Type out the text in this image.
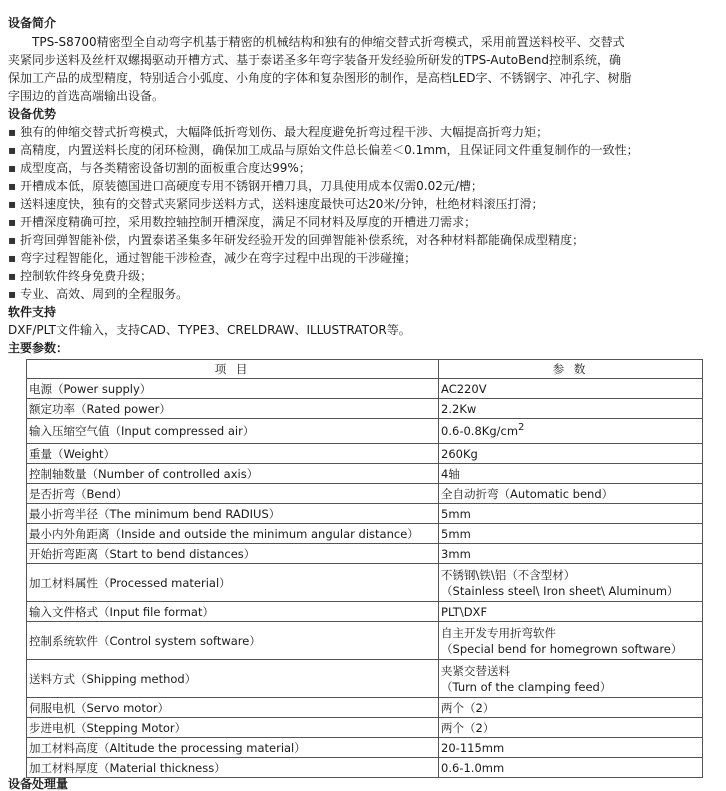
设备简介
TPS-S8700精密型全自动弯字机基于精密的机械结构和独有的伸缩交替式折弯模式，采用前置送料校平、交替式
夹紧同步送料及丝杆双螺揭驱动开槽方式、基于泰诺圣多年弯字装备开发经验所研发的TPS-AutoBend控制系统，确
保加工产品的成型精度，特别适合小弧度、小角度的字体和复杂图形的制作，是高档LED字、不锈钢字、冲孔字、树脂
字围边的首选高端输出设备。
设备优势
▪ 独有的伸缩交替式折弯模式，大幅降低折弯划伤、最大程度避免折弯过程干涉、大幅提高折弯力矩；
▪ 高精度，内置送料长度的闭环检测，确保加工成品与原始文件总长偏差＜0.1mm，且保证同文件重复制作的一致性；
▪ 成型度高，与各类精密设备切割的面板重合度达99%；
▪ 开槽成本低，原装德国进口高硬度专用不锈钢开槽刀具，刀具使用成本仅需0.02元/槽；
▪ 送料速度快，独有的交替式夹紧同步送料方式，送料速度最快可达20米/分钟，杜绝材料滚压打滑；
▪ 开槽深度精确可控，采用数控轴控制开槽深度，满足不同材料及厚度的开槽进刀需求；
▪ 折弯回弹智能补偿，内置泰诺圣集多年研发经验开发的回弹智能补偿系统，对各种材料都能确保成型精度；
▪ 弯字过程智能化，通过智能干涉检查，减少在弯字过程中出现的干涉碰撞；
▪ 控制软件终身免费升级；
▪ 专业、高效、周到的全程服务。
软件支持
DXF/PLT文件输入，支持CAD、TYPE3、CRELDRAW、ILLUSTRATOR等。
主要参数：
项 目	参 数
电源（Power supply）	AC220V
额定功率（Rated power）	2.2Kw
输入压缩空气值（Input compressed air）	0.6-0.8Kg/cm2
重量（Weight）	260Kg
控制轴数量（Number of controlled axis）	4轴
是否折弯（Bend）	全自动折弯（Automatic bend）
最小折弯半径（The minimum bend RADIUS）	5mm
最小内外角距离（Inside and outside the minimum angular distance）	5mm
开始折弯距离（Start to bend distances）	3mm
加工材料属性（Processed material）	不锈钢\铁\铝（不含型材）
（Stainless steel\ Iron sheet\ Aluminum）

输入文件格式（Input file format）	PLT\DXF
控制系统软件（Control system software）	自主开发专用折弯软件
（Special bend for homegrown software）

送料方式（Shipping method）	夹紧交替送料
（Turn of the clamping feed）

伺服电机（Servo motor）	两个（2）
步进电机（Stepping Motor）	两个（2）
加工材料高度（Altitude the processing material）	20-115mm
加工材料厚度（Material thickness）	0.6-1.0mm
设备处理量
